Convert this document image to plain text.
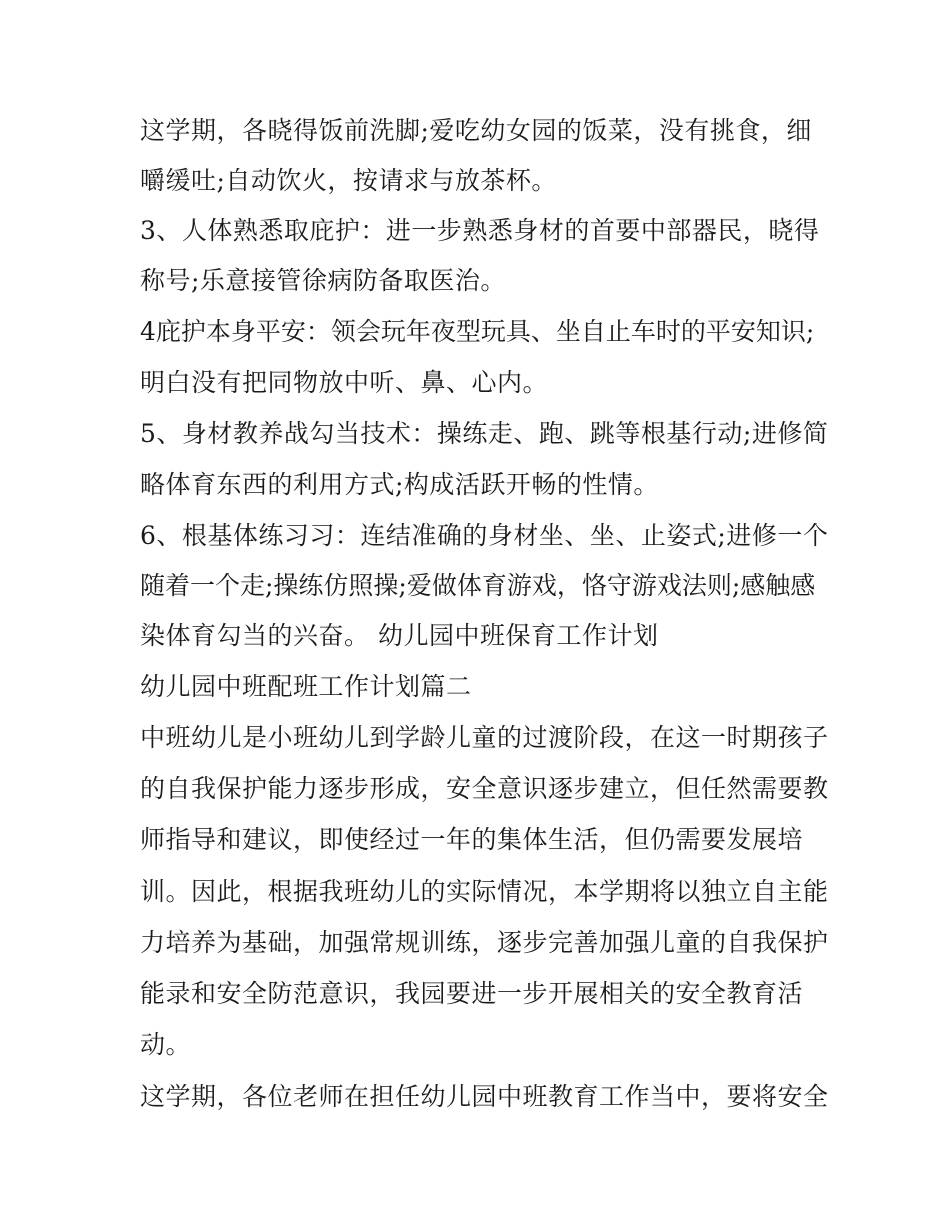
这学期，各晓得饭前洗脚;爱吃幼女园的饭菜，没有挑食，细
嚼缓吐;自动饮火，按请求与放茶杯。
3、人体熟悉取庇护：进一步熟悉身材的首要中部器民，晓得
称号;乐意接管徐病防备取医治。
4庇护本身平安：领会玩年夜型玩具、坐自止车时的平安知识;
明白没有把同物放中听、鼻、心内。
5、身材教养战勾当技术：操练走、跑、跳等根基行动;进修简
略体育东西的利用方式;构成活跃开畅的性情。
6、根基体练习习：连结准确的身材坐、坐、止姿式;进修一个
随着一个走;操练仿照操;爱做体育游戏，恪守游戏法则;感触感
染体育勾当的兴奋。 幼儿园中班保育工作计划
幼儿园中班配班工作计划篇二
中班幼儿是小班幼儿到学龄儿童的过渡阶段，在这一时期孩子
的自我保护能力逐步形成，安全意识逐步建立，但任然需要教
师指导和建议，即使经过一年的集体生活，但仍需要发展培
训。因此，根据我班幼儿的实际情况，本学期将以独立自主能
力培养为基础，加强常规训练，逐步完善加强儿童的自我保护
能录和安全防范意识，我园要进一步开展相关的安全教育活
动。
这学期，各位老师在担任幼儿园中班教育工作当中，要将安全
